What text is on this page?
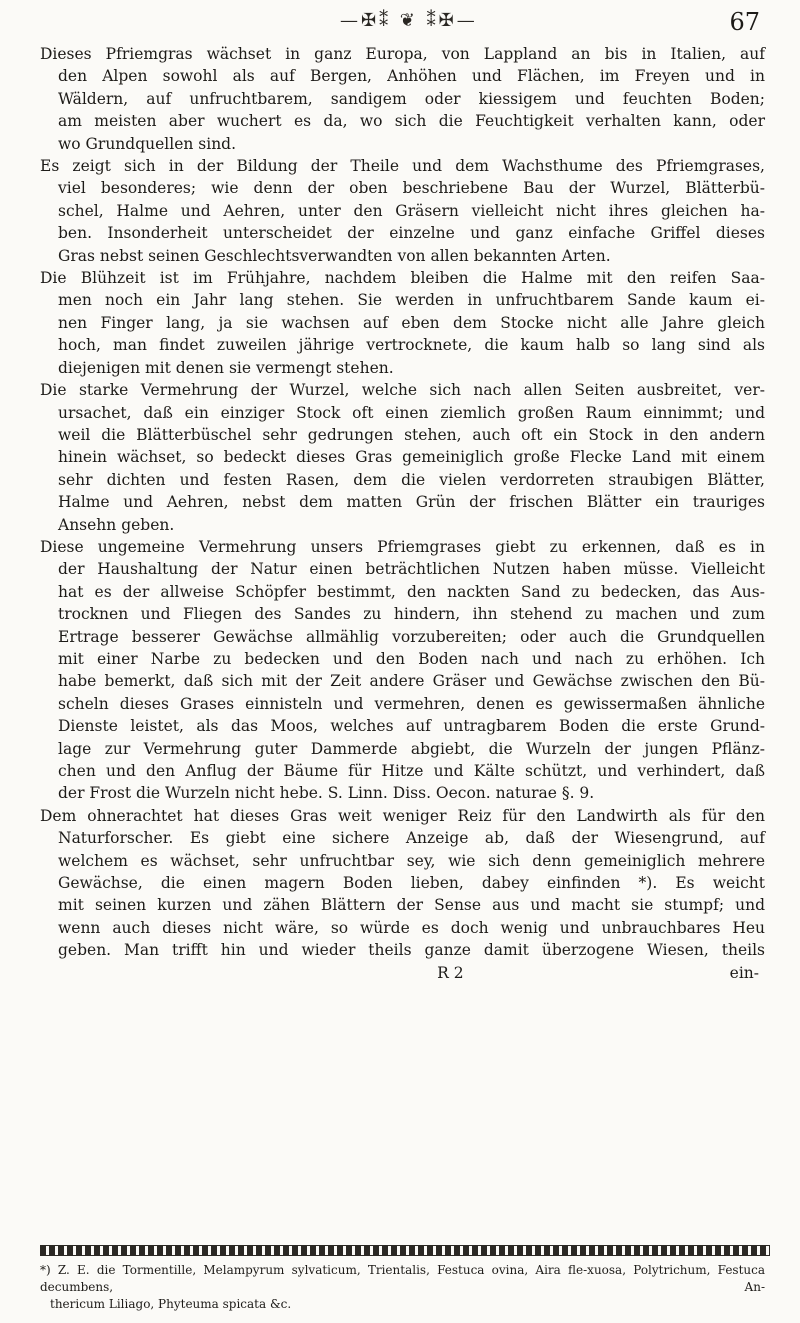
—✠⁑ ❦ ⁑✠—	67

Dieses Pfriemgras wächset in ganz Europa, von Lappland an bis in Italien, auf

den Alpen sowohl als auf Bergen, Anhöhen und Flächen, im Freyen und in

Wäldern, auf unfruchtbarem, sandigem oder kiessigem und feuchten Boden;

am meisten aber wuchert es da, wo sich die Feuchtigkeit verhalten kann, oder

wo Grundquellen sind.

Es zeigt sich in der Bildung der Theile und dem Wachsthume des Pfriemgrases,

viel besonderes; wie denn der oben beschriebene Bau der Wurzel, Blätterbü-

schel, Halme und Aehren, unter den Gräsern vielleicht nicht ihres gleichen ha-

ben. Insonderheit unterscheidet der einzelne und ganz einfache Griffel dieses

Gras nebst seinen Geschlechtsverwandten von allen bekannten Arten.

Die Blühzeit ist im Frühjahre, nachdem bleiben die Halme mit den reifen Saa-

men noch ein Jahr lang stehen. Sie werden in unfruchtbarem Sande kaum ei-

nen Finger lang, ja sie wachsen auf eben dem Stocke nicht alle Jahre gleich

hoch, man findet zuweilen jährige vertrocknete, die kaum halb so lang sind als

diejenigen mit denen sie vermengt stehen.

Die starke Vermehrung der Wurzel, welche sich nach allen Seiten ausbreitet, ver-

ursachet, daß ein einziger Stock oft einen ziemlich großen Raum einnimmt; und

weil die Blätterbüschel sehr gedrungen stehen, auch oft ein Stock in den andern

hinein wächset, so bedeckt dieses Gras gemeiniglich große Flecke Land mit einem

sehr dichten und festen Rasen, dem die vielen verdorreten straubigen Blätter,

Halme und Aehren, nebst dem matten Grün der frischen Blätter ein trauriges

Ansehn geben.

Diese ungemeine Vermehrung unsers Pfriemgrases giebt zu erkennen, daß es in

der Haushaltung der Natur einen beträchtlichen Nutzen haben müsse. Vielleicht

hat es der allweise Schöpfer bestimmt, den nackten Sand zu bedecken, das Aus-

trocknen und Fliegen des Sandes zu hindern, ihn stehend zu machen und zum

Ertrage besserer Gewächse allmählig vorzubereiten; oder auch die Grundquellen

mit einer Narbe zu bedecken und den Boden nach und nach zu erhöhen. Ich

habe bemerkt, daß sich mit der Zeit andere Gräser und Gewächse zwischen den Bü-

scheln dieses Grases einnisteln und vermehren, denen es gewissermaßen ähnliche

Dienste leistet, als das Moos, welches auf untragbarem Boden die erste Grund-

lage zur Vermehrung guter Dammerde abgiebt, die Wurzeln der jungen Pflänz-

chen und den Anflug der Bäume für Hitze und Kälte schützt, und verhindert, daß

der Frost die Wurzeln nicht hebe. S. Linn. Diss. Oecon. naturae §. 9.

Dem ohnerachtet hat dieses Gras weit weniger Reiz für den Landwirth als für den

Naturforscher. Es giebt eine sichere Anzeige ab, daß der Wiesengrund, auf

welchem es wächset, sehr unfruchtbar sey, wie sich denn gemeiniglich mehrere

Gewächse, die einen magern Boden lieben, dabey einfinden *). Es weicht

mit seinen kurzen und zähen Blättern der Sense aus und macht sie stumpf; und

wenn auch dieses nicht wäre, so würde es doch wenig und unbrauchbares Heu

geben. Man trifft hin und wieder theils ganze damit überzogene Wiesen, theils

R 2                                                      ein-

*) Z. E. die Tormentille, Melampyrum sylvaticum, Trientalis, Festuca ovina, Aira fle-xuosa, Polytrichum, Festuca decumbens, An-

thericum Liliago, Phyteuma spicata &c.
